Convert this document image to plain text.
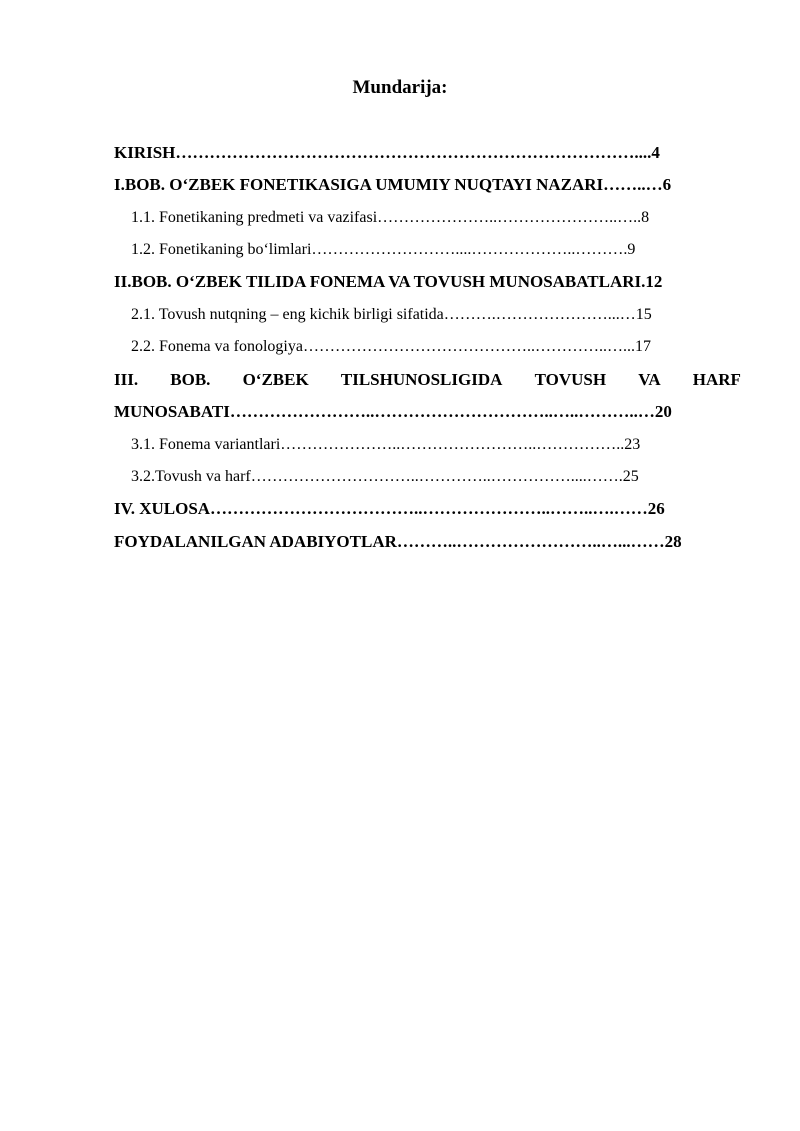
Mundarija:
KIRISH………………………………………………………………………....4
I.BOB. O‘ZBEK FONETIKASIGA UMUMIY NUQTAYI NAZARI……..…6
1.1. Fonetikaning predmeti va vazifasi…………………..…………………..…..8
1.2. Fonetikaning bo‘limlari………………………....………………..……….9
II.BOB. O‘ZBEK TILIDA FONEMA VA TOVUSH MUNOSABATLARI.12
2.1. Tovush nutqning – eng kichik birligi sifatida……….…………………...…15
2.2. Fonema va fonologiya……………………………………..…………..…...17
III. BOB. O‘ZBEK TILSHUNOSLIGIDA TOVUSH VA HARF
MUNOSABATI……………………..…………………………..…..………..…20
3.1. Fonema variantlari…………………..……………………..……………..23
3.2.Tovush va harf…………………………..…………..……………....…….25
IV. XULOSA………………………………..…………………..……..….……26
FOYDALANILGAN ADABIYOTLAR………..……………………..…...……28
